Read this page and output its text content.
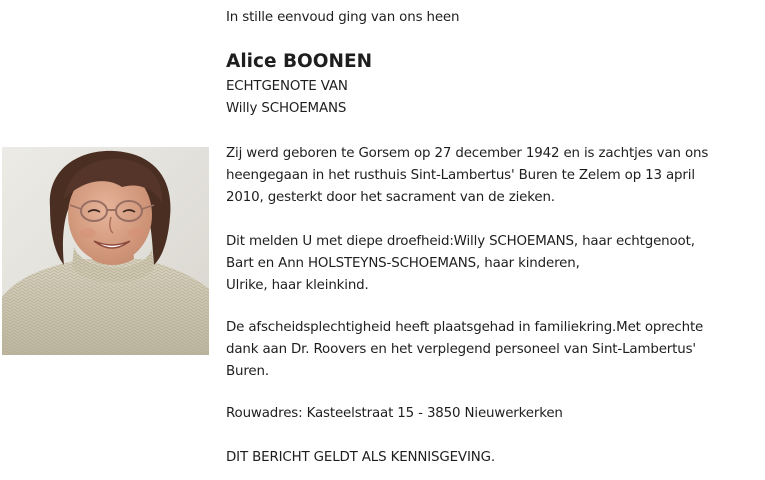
In stille eenvoud ging van ons heen
Alice BOONEN
ECHTGENOTE VAN
Willy SCHOEMANS
Zij werd geboren te Gorsem op 27 december 1942 en is zachtjes van ons
heengegaan in het rusthuis Sint-Lambertus' Buren te Zelem op 13 april
2010, gesterkt door het sacrament van de zieken.
Dit melden U met diepe droefheid:Willy SCHOEMANS, haar echtgenoot,
Bart en Ann HOLSTEYNS-SCHOEMANS, haar kinderen,
Ulrike, haar kleinkind.
De afscheidsplechtigheid heeft plaatsgehad in familiekring.Met oprechte
dank aan Dr. Roovers en het verplegend personeel van Sint-Lambertus'
Buren.
Rouwadres: Kasteelstraat 15 - 3850 Nieuwerkerken
DIT BERICHT GELDT ALS KENNISGEVING.
